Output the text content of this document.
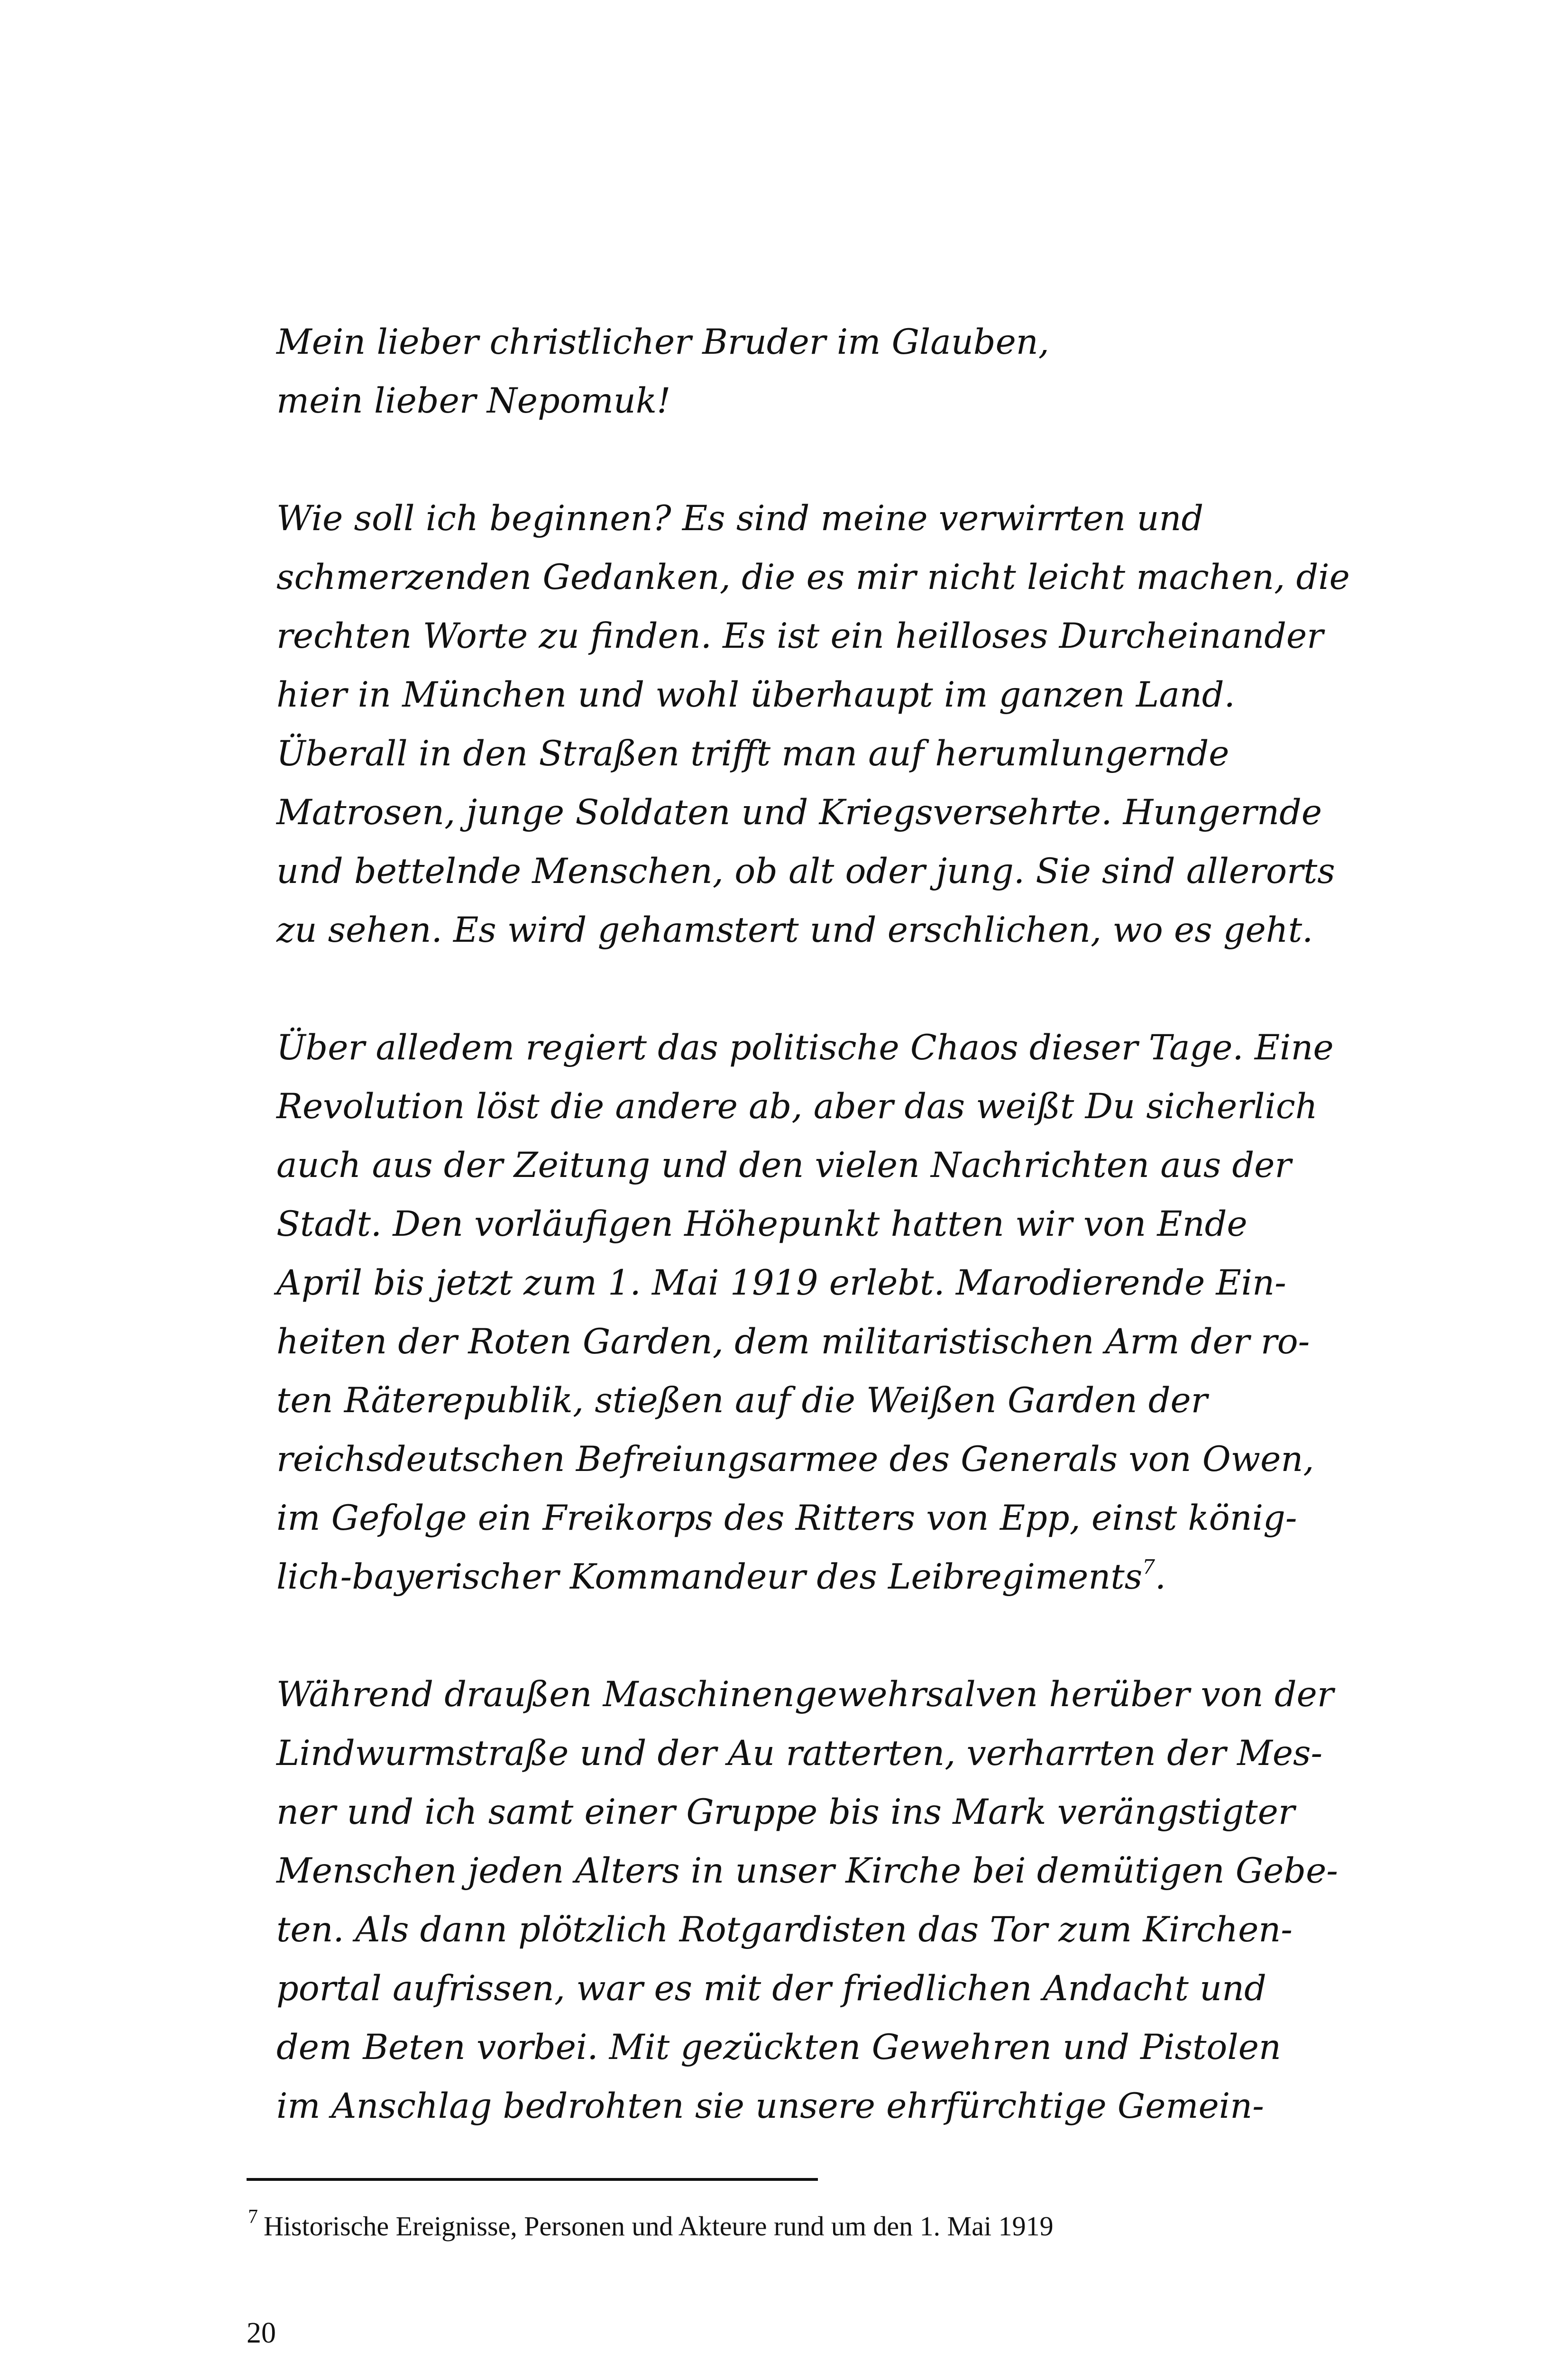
Mein lieber christlicher Bruder im Glauben,
mein lieber Nepomuk!
Wie soll ich beginnen? Es sind meine verwirrten und
schmerzenden Gedanken, die es mir nicht leicht machen, die
rechten Worte zu finden. Es ist ein heilloses Durcheinander
hier in München und wohl überhaupt im ganzen Land.
Überall in den Straßen trifft man auf herumlungernde
Matrosen, junge Soldaten und Kriegsversehrte. Hungernde
und bettelnde Menschen, ob alt oder jung. Sie sind allerorts
zu sehen. Es wird gehamstert und erschlichen, wo es geht.
Über alledem regiert das politische Chaos dieser Tage. Eine
Revolution löst die andere ab, aber das weißt Du sicherlich
auch aus der Zeitung und den vielen Nachrichten aus der
Stadt. Den vorläufigen Höhepunkt hatten wir von Ende
April bis jetzt zum 1. Mai 1919 erlebt. Marodierende Ein-
heiten der Roten Garden, dem militaristischen Arm der ro-
ten Räterepublik, stießen auf die Weißen Garden der
reichsdeutschen Befreiungsarmee des Generals von Owen,
im Gefolge ein Freikorps des Ritters von Epp, einst könig-
lich-bayerischer Kommandeur des Leibregiments$^7$.
Während draußen Maschinengewehrsalven herüber von der
Lindwurmstraße und der Au ratterten, verharrten der Mes-
ner und ich samt einer Gruppe bis ins Mark verängstigter
Menschen jeden Alters in unser Kirche bei demütigen Gebe-
ten. Als dann plötzlich Rotgardisten das Tor zum Kirchen-
portal aufrissen, war es mit der friedlichen Andacht und
dem Beten vorbei. Mit gezückten Gewehren und Pistolen
im Anschlag bedrohten sie unsere ehrfürchtige Gemein-
$^7$ Historische Ereignisse, Personen und Akteure rund um den 1. Mai 1919
20
